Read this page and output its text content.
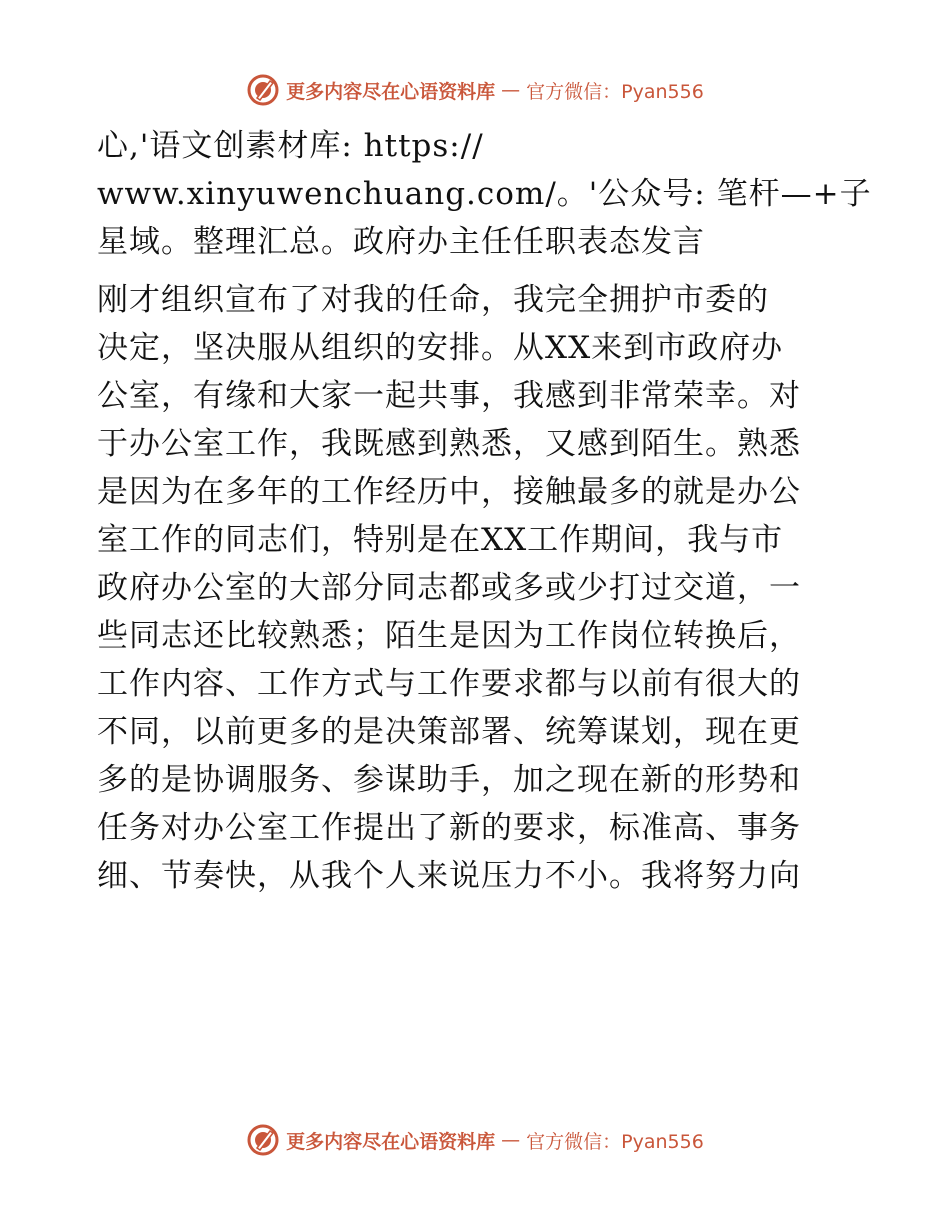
更多内容尽在心语资料库 — 官方微信：Pyan556

心,'语文创素材库: https://
www.xinyuwenchuang.com/。'公众号: 笔杆—+子
星域。整理汇总。政府办主任任职表态发言

刚才组织宣布了对我的任命，我完全拥护市委的
决定，坚决服从组织的安排。从XX来到市政府办
公室，有缘和大家一起共事，我感到非常荣幸。对
于办公室工作，我既感到熟悉，又感到陌生。熟悉
是因为在多年的工作经历中，接触最多的就是办公
室工作的同志们，特别是在XX工作期间，我与市
政府办公室的大部分同志都或多或少打过交道，一
些同志还比较熟悉；陌生是因为工作岗位转换后，
工作内容、工作方式与工作要求都与以前有很大的
不同，以前更多的是决策部署、统筹谋划，现在更
多的是协调服务、参谋助手，加之现在新的形势和
任务对办公室工作提出了新的要求，标准高、事务
细、节奏快，从我个人来说压力不小。我将努力向

更多内容尽在心语资料库 — 官方微信：Pyan556
